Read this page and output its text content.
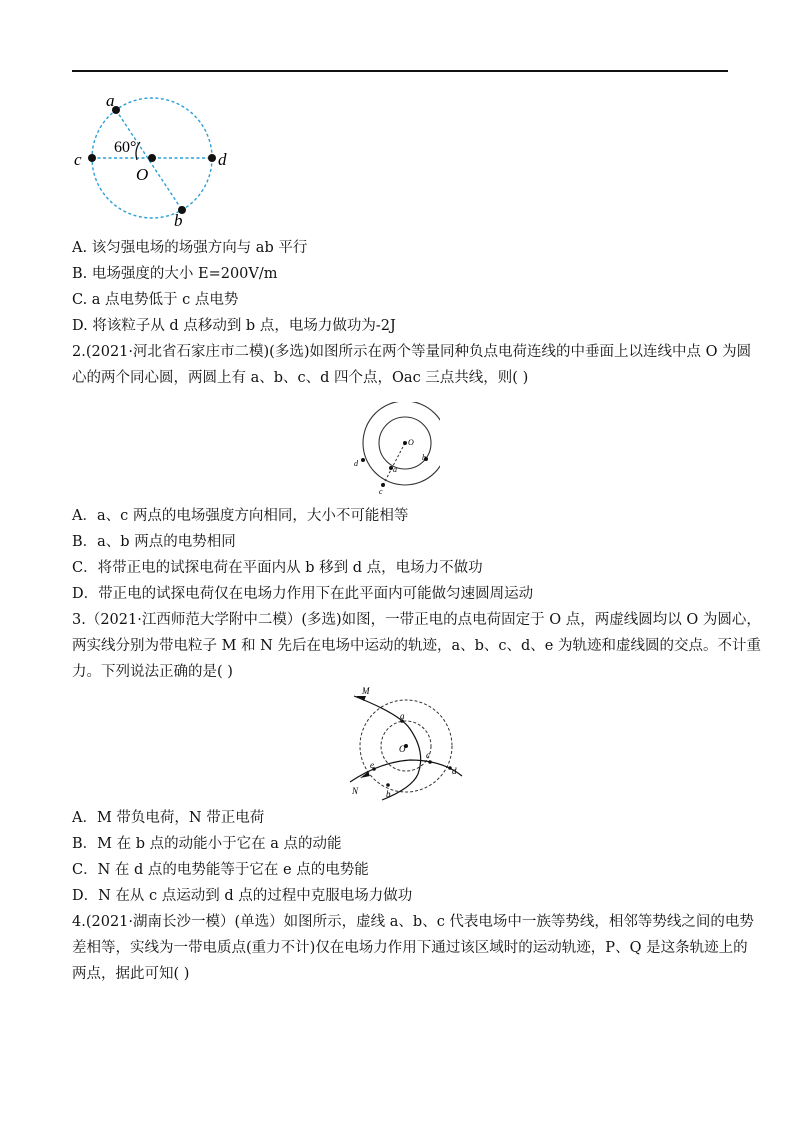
a
b
c	d
O
60°
A. 该匀强电场的场强方向与 ab 平行
B. 电场强度的大小 E=200V/m
C. a 点电势低于 c 点电势
D. 将该粒子从 d 点移动到 b 点，电场力做功为-2J
2.(2021·河北省石家庄市二模)(多选)如图所示在两个等量同种负点电荷连线的中垂面上以连线中点 O 为圆
心的两个同心圆，两圆上有 a、b、c、d 四个点，Oac 三点共线，则( )
O
a
b
c
d
A．a、c 两点的电场强度方向相同，大小不可能相等
B．a、b 两点的电势相同
C．将带正电的试探电荷在平面内从 b 移到 d 点，电场力不做功
D．带正电的试探电荷仅在电场力作用下在此平面内可能做匀速圆周运动
3.（2021·江西师范大学附中二模）(多选)如图，一带正电的点电荷固定于 O 点，两虚线圆均以 O 为圆心，
两实线分别为带电粒子 M 和 N 先后在电场中运动的轨迹，a、b、c、d、e 为轨迹和虚线圆的交点。不计重
力。下列说法正确的是( )
M
N
O
a
b
c
d
e
A．M 带负电荷，N 带正电荷
B．M 在 b 点的动能小于它在 a 点的动能
C．N 在 d 点的电势能等于它在 e 点的电势能
D．N 在从 c 点运动到 d 点的过程中克服电场力做功
4.(2021·湖南长沙一模）(单选）如图所示，虚线 a、b、c 代表电场中一族等势线，相邻等势线之间的电势
差相等，实线为一带电质点(重力不计)仅在电场力作用下通过该区域时的运动轨迹，P、Q 是这条轨迹上的
两点，据此可知( )
